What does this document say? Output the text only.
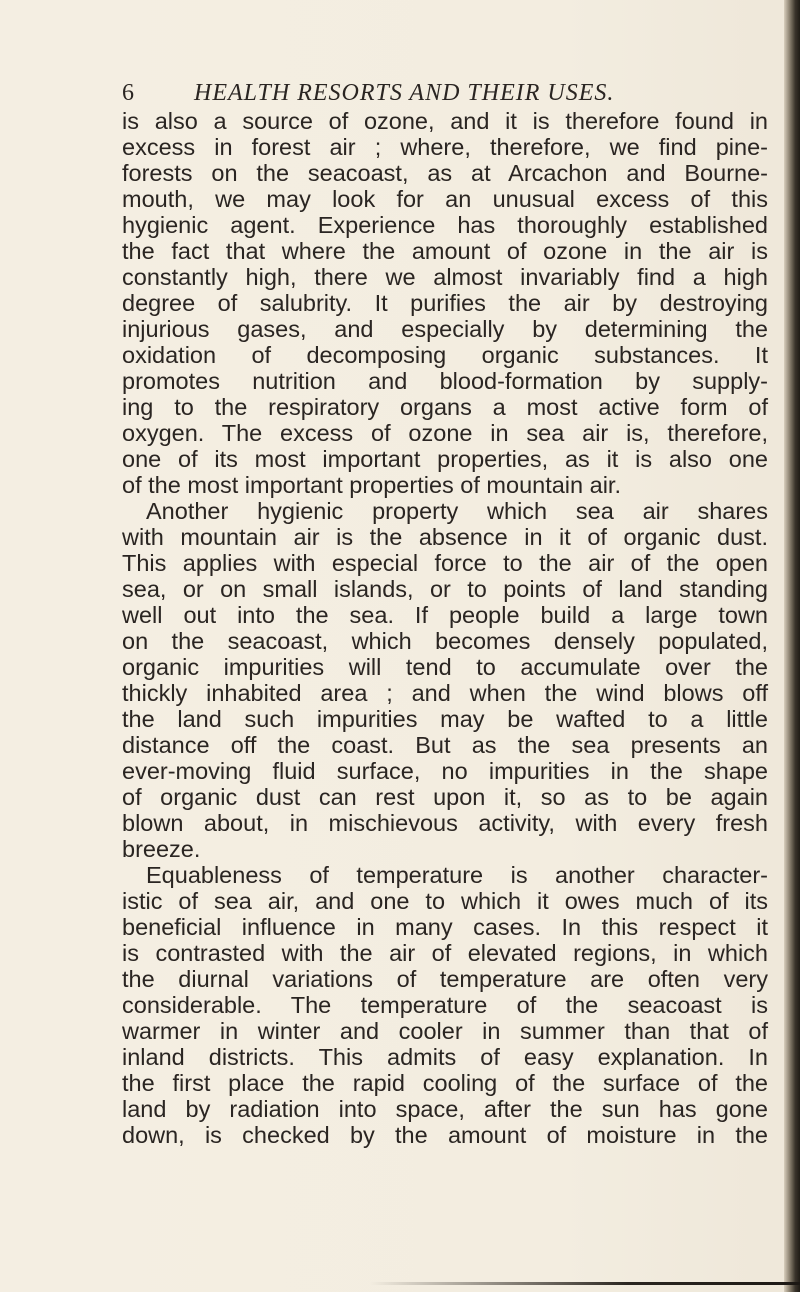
6 HEALTH RESORTS AND THEIR USES.
is also a source of ozone, and it is therefore found in
excess in forest air ; where, therefore, we find pine-
forests on the seacoast, as at Arcachon and Bourne-
mouth, we may look for an unusual excess of this
hygienic agent. Experience has thoroughly established
the fact that where the amount of ozone in the air is
constantly high, there we almost invariably find a high
degree of salubrity. It purifies the air by destroying
injurious gases, and especially by determining the
oxidation of decomposing organic substances. It
promotes nutrition and blood-formation by supply-
ing to the respiratory organs a most active form of
oxygen. The excess of ozone in sea air is, therefore,
one of its most important properties, as it is also one
of the most important properties of mountain air.
Another hygienic property which sea air shares
with mountain air is the absence in it of organic dust.
This applies with especial force to the air of the open
sea, or on small islands, or to points of land standing
well out into the sea. If people build a large town
on the seacoast, which becomes densely populated,
organic impurities will tend to accumulate over the
thickly inhabited area ; and when the wind blows off
the land such impurities may be wafted to a little
distance off the coast. But as the sea presents an
ever-moving fluid surface, no impurities in the shape
of organic dust can rest upon it, so as to be again
blown about, in mischievous activity, with every fresh
breeze.
Equableness of temperature is another character-
istic of sea air, and one to which it owes much of its
beneficial influence in many cases. In this respect it
is contrasted with the air of elevated regions, in which
the diurnal variations of temperature are often very
considerable. The temperature of the seacoast is
warmer in winter and cooler in summer than that of
inland districts. This admits of easy explanation. In
the first place the rapid cooling of the surface of the
land by radiation into space, after the sun has gone
down, is checked by the amount of moisture in the
